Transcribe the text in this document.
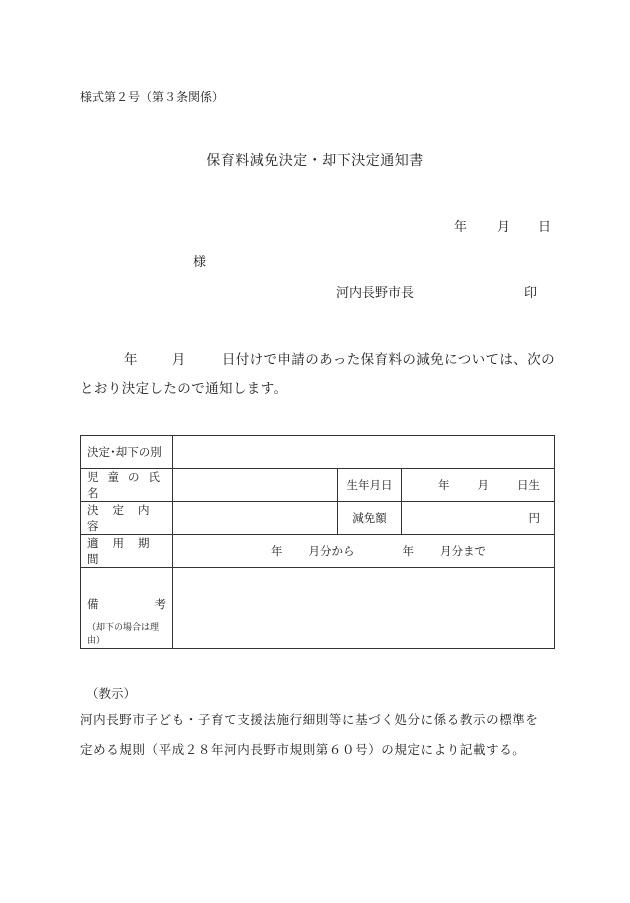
様式第２号（第３条関係）
保育料減免決定・却下決定通知書
年 月 日
様
河内長野市長	印
年	月	日付けで申請のあった保育料の減免については、次の
とおり決定したので通知します。
決定･却下の別			
児童の氏名		生年月日	年 月 日生
決定内容		減免額	円
適用期間	年 月分から 年 月分まで		

備 考
（却下の場合は理由）			

（教示）
河内長野市子ども・子育て支援法施行細則等に基づく処分に係る教示の標準を
定める規則（平成２８年河内長野市規則第６０号）の規定により記載する。
